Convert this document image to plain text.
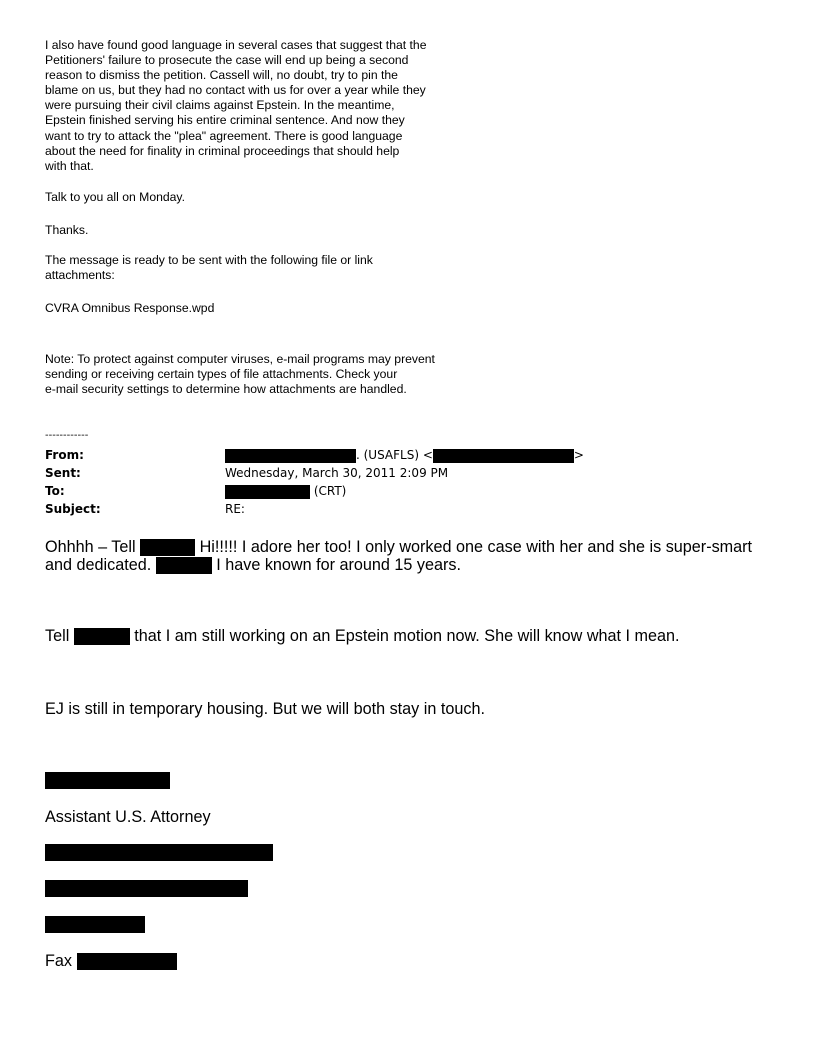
I also have found good language in several cases that suggest that the
Petitioners' failure to prosecute the case will end up being a second
reason to dismiss the petition. Cassell will, no doubt, try to pin the
blame on us, but they had no contact with us for over a year while they
were pursuing their civil claims against Epstein. In the meantime,
Epstein finished serving his entire criminal sentence. And now they
want to try to attack the "plea" agreement. There is good language
about the need for finality in criminal proceedings that should help
with that.
Talk to you all on Monday.
Thanks.
The message is ready to be sent with the following file or link
attachments:
CVRA Omnibus Response.wpd
Note: To protect against computer viruses, e-mail programs may prevent
sending or receiving certain types of file attachments. Check your
e-mail security settings to determine how attachments are handled.
------------
From:	. (USAFLS) <	>
Sent:	Wednesday, March 30, 2011 2:09 PM
To:	(CRT)
Subject:	RE:
Ohhhh – Tell	Hi!!!!! I adore her too! I only worked one case with her and she is super-smart
and dedicated.	I have known for around 15 years.
Tell	that I am still working on an Epstein motion now. She will know what I mean.
EJ is still in temporary housing. But we will both stay in touch.
Assistant U.S. Attorney
Fax
